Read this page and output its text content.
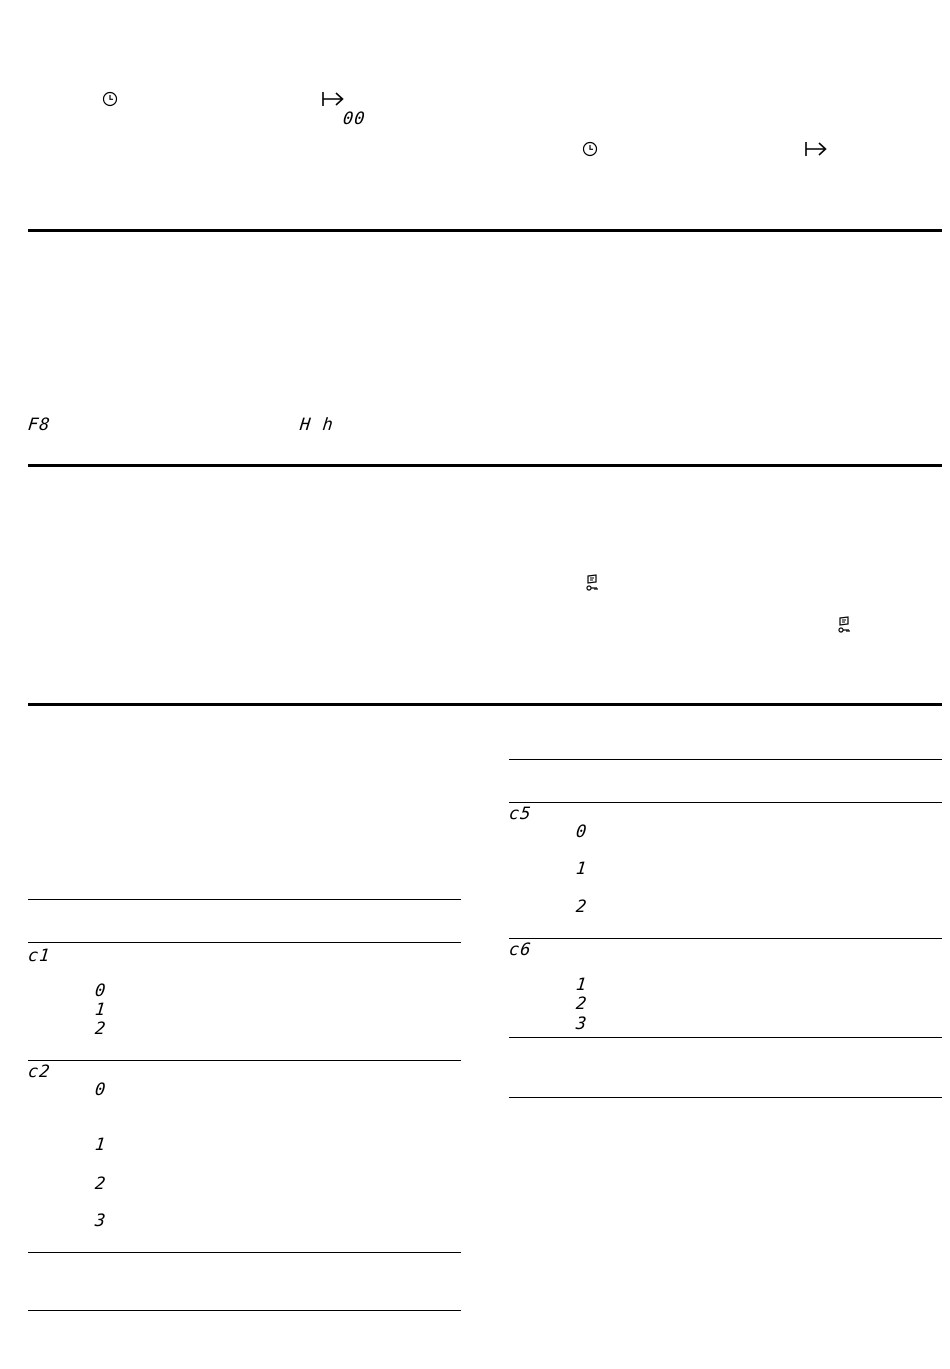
00
F8	H h
c1
0
1
2
c2
0
1
2
3
c5
0
1
2
c6
1
2
3
